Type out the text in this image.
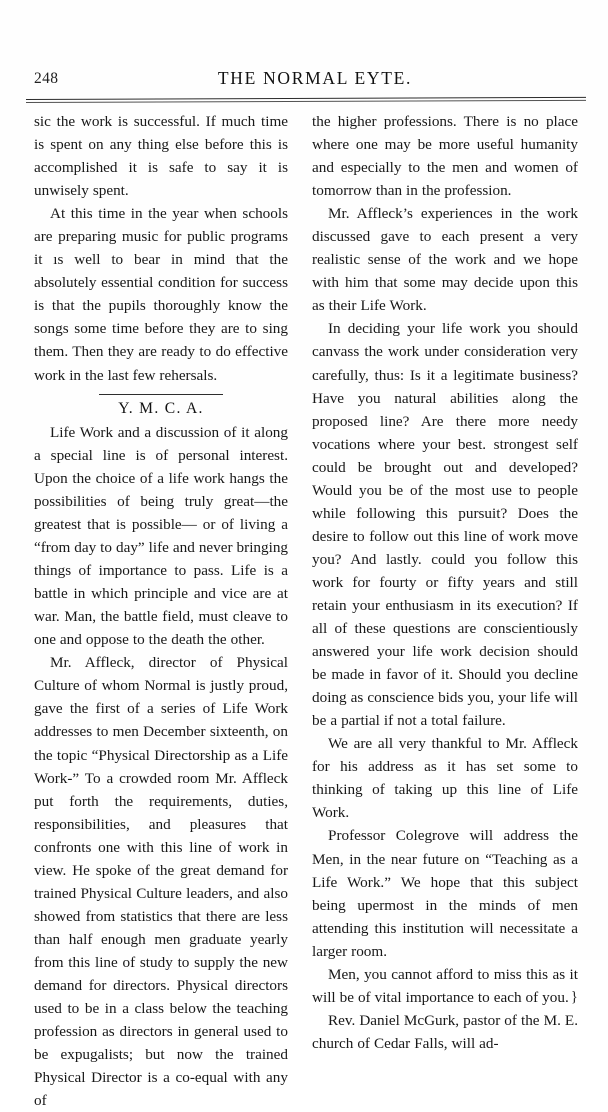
248	THE NORMAL EYTE.

sic the work is successful. If much time is spent on any thing else before this is accomplished it is safe to say it is unwisely spent.

At this time in the year when schools are preparing music for public programs it ıs well to bear in mind that the absolutely essential condition for success is that the pupils thoroughly know the songs some time before they are to sing them. Then they are ready to do effective work in the last few rehersals.

Y. M. C. A.

Life Work and a discussion of it along a special line is of personal interest. Upon the choice of a life work hangs the possibilities of being truly great—the greatest that is possible— or of living a “from day to day” life and never bringing things of importance to pass. Life is a battle in which principle and vice are at war. Man, the battle field, must cleave to one and oppose to the death the other.

Mr. Affleck, director of Physical Culture of whom Normal is justly proud, gave the first of a series of Life Work addresses to men December sixteenth, on the topic “Physical Directorship as a Life Work-” To a crowded room Mr. Affleck put forth the requirements, duties, responsibilities, and pleasures that confronts one with this line of work in view. He spoke of the great demand for trained Physical Culture leaders, and also showed from statistics that there are less than half enough men graduate yearly from this line of study to supply the new demand for directors. Physical directors used to be in a class below the teaching profession as directors in general used to be expugalists; but now the trained Physical Director is a co-equal with any of

the higher professions. There is no place where one may be more useful humanity and especially to the men and women of tomorrow than in the profession.

Mr. Affleck’s experiences in the work discussed gave to each present a very realistic sense of the work and we hope with him that some may decide upon this as their Life Work.

In deciding your life work you should canvass the work under consideration very carefully, thus: Is it a legitimate business? Have you natural abilities along the proposed line? Are there more needy vocations where your best. strongest self could be brought out and developed? Would you be of the most use to people while following this pursuit? Does the desire to follow out this line of work move you? And lastly. could you follow this work for fourty or fifty years and still retain your enthusiasm in its execution? If all of these questions are conscientiously answered your life work decision should be made in favor of it. Should you decline doing as conscience bids you, your life will be a partial if not a total failure.

We are all very thankful to Mr. Affleck for his address as it has set some to thinking of taking up this line of Life Work.

Professor Colegrove will address the Men, in the near future on “Teaching as a Life Work.” We hope that this subject being upermost in the minds of men attending this institution will necessitate a larger room.

Men, you cannot afford to miss this as it will be of vital importance to each of you. }

Rev. Daniel McGurk, pastor of the M. E. church of Cedar Falls, will ad-
